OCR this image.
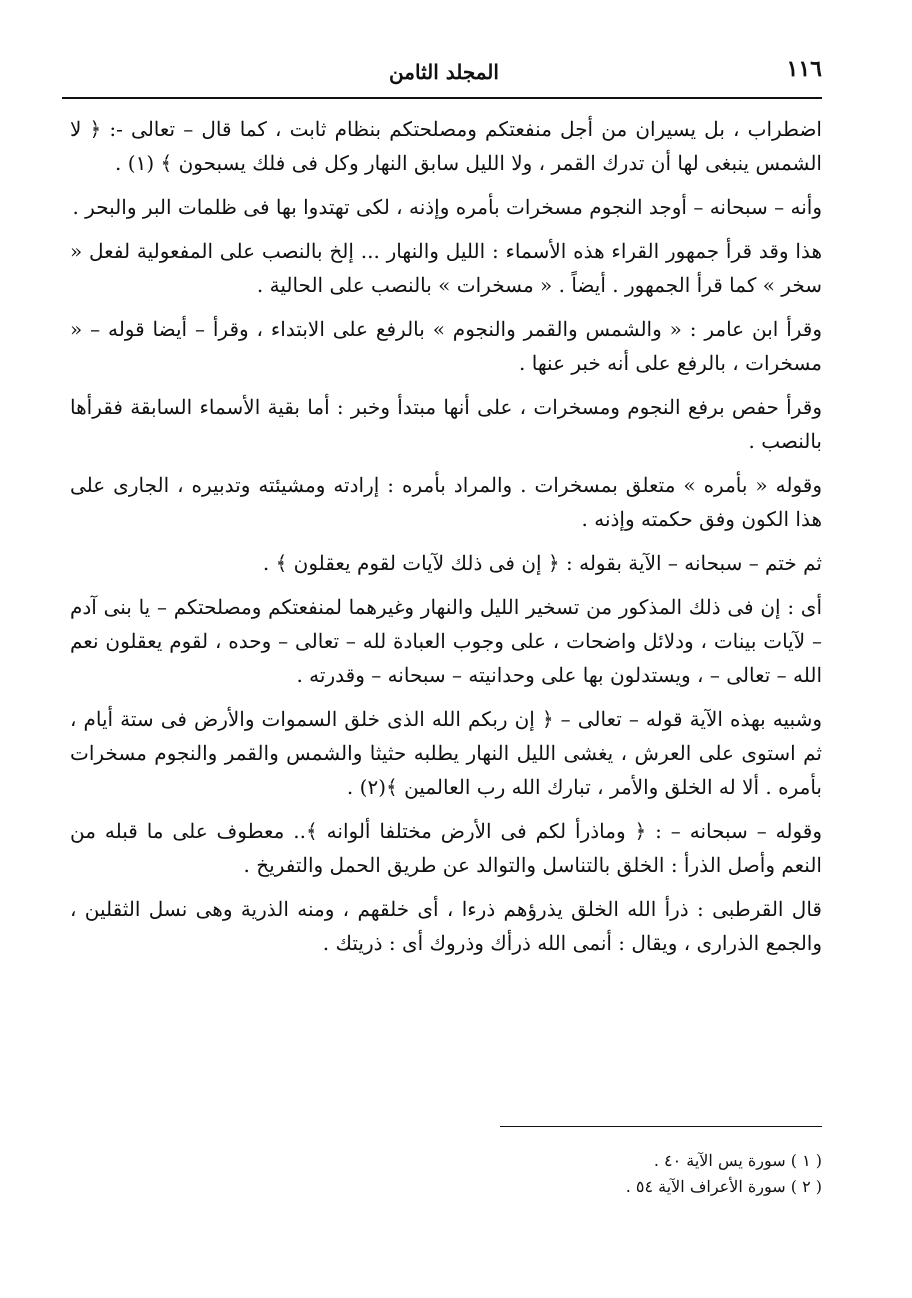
١١٦
المجلد الثامن

اضطراب ، بل يسيران من أجل منفعتكم ومصلحتكم بنظام ثابت ، كما قال – تعالى -: ﴿ لا الشمس ينبغى لها أن تدرك القمر ، ولا الليل سابق النهار وكل فى فلك يسبحون ﴾ (١) .

وأنه – سبحانه – أوجد النجوم مسخرات بأمره وإذنه ، لكى تهتدوا بها فى ظلمات البر والبحر .

هذا وقد قرأ جمهور القراء هذه الأسماء : الليل والنهار ... إلخ بالنصب على المفعولية لفعل « سخر » كما قرأ الجمهور . أيضاً . « مسخرات » بالنصب على الحالية .

وقرأ ابن عامر : « والشمس والقمر والنجوم » بالرفع على الابتداء ، وقرأ – أيضا قوله – « مسخرات ، بالرفع على أنه خبر عنها .

وقرأ حفص برفع النجوم ومسخرات ، على أنها مبتدأ وخبر : أما بقية الأسماء السابقة فقرأها بالنصب .

وقوله « بأمره » متعلق بمسخرات . والمراد بأمره : إرادته ومشيئته وتدبيره ، الجارى على هذا الكون وفق حكمته وإذنه .

ثم ختم – سبحانه – الآية بقوله : ﴿ إن فى ذلك لآيات لقوم يعقلون ﴾ .

أى : إن فى ذلك المذكور من تسخير الليل والنهار وغيرهما لمنفعتكم ومصلحتكم – يا بنى آدم – لآيات بينات ، ودلائل واضحات ، على وجوب العبادة لله – تعالى – وحده ، لقوم يعقلون نعم الله – تعالى – ، ويستدلون بها على وحدانيته – سبحانه – وقدرته .

وشبيه بهذه الآية قوله – تعالى – ﴿ إن ربكم الله الذى خلق السموات والأرض فى ستة أيام ، ثم استوى على العرش ، يغشى الليل النهار يطلبه حثيثا والشمس والقمر والنجوم مسخرات بأمره . ألا له الخلق والأمر ، تبارك الله رب العالمين ﴾(٢) .

وقوله – سبحانه – : ﴿ وماذرأ لكم فى الأرض مختلفا ألوانه ﴾.. معطوف على ما قبله من النعم وأصل الذرأ : الخلق بالتناسل والتوالد عن طريق الحمل والتفريخ .

قال القرطبى : ذرأ الله الخلق يذرؤهم ذرءا ، أى خلقهم ، ومنه الذرية وهى نسل الثقلين ، والجمع الذرارى ، ويقال : أنمى الله ذرأك وذروك أى : ذريتك .

( ١ ) سورة يس الآية ٤٠ .

( ٢ ) سورة الأعراف الآية ٥٤ .
